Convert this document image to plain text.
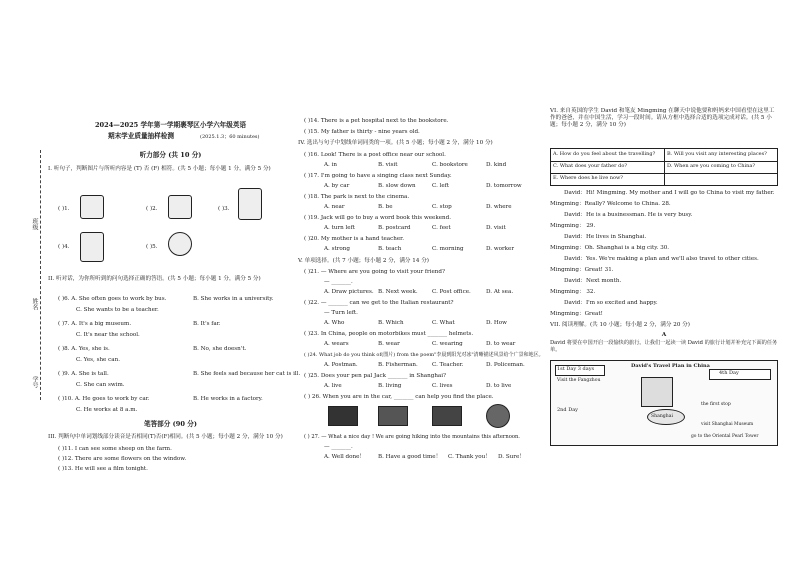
班级
姓名
学号
2024—2025 学年第一学期裹琴区小学六年级英语
期末学业质量抽样检测	(2025.1.3；60 minutes)
听力部分 (共 10 分)
I. 听句子，判断图片与所听内容是 (T) 否 (F) 相符。(共 5 小题；每小题 1 分，满分 5 分)
( )1.	( )2.	( )3.
( )4.	( )5.
II. 听对话，为你所听到的问句选择正确的答语。(共 5 小题；每小题 1 分，满分 5 分)
( )6. A. She often goes to work by bus.	B. She works in a university.
C. She wants to be a teacher.
( )7. A. It's a big museum.	B. It's far.
C. It's near the school.
( )8. A. Yes, she is.	B. No, she doesn't.
C. Yes, she can.
( )9. A. She is tall.	B. She feels sad because her cat is ill.
C. She can swim.
( )10. A. He goes to work by car.	B. He works in a factory.
C. He works at 8 a.m.
笔答部分 (90 分)
III. 判断句中单词划线部分读音是否相同(T)否(F)相同。(共 5 小题；每小题 2 分，满分 10 分)
( )11. I can see some sheep on the farm.
( )12. There are some flowers on the window.
( )13. He will see a film tonight.
( )14. There is a pet hospital next to the bookstore.
( )15. My father is thirty - nine years old.
IV. 选出与句子中划线单词同类的一项。(共 5 小题；每小题 2 分，满分 10 分)
( )16. Look! There is a post office near our school.
A. in	B. visit	C. bookstore	D. kind
( )17. I'm going to have a singing class next Sunday.
A. by car	B. slow down	C. left	D. tomorrow
( )18. The park is next to the cinema.
A. near	B. be	C. stop	D. where
( )19. Jack will go to buy a word book this weekend.
A. turn left	B. postcard	C. feet	D. visit
( )20. My mother is a hand teacher.
A. strong	B. teach	C. morning	D. worker
V. 单项选择。(共 7 小题；每小题 2 分，满分 14 分)
( )21. — Where are you going to visit your friend?
— _______.
A. Draw pictures. B. Next week.	C. Post office.	D. At sea.
( )22. — _______ can we get to the Italian restaurant?
— Turn left.
A. Who	B. Which	C. What	D. How
( )23. In China, people on motorbikes must _______ helmets.
A. wears	B. wear	C. wearing	D. to wear
( )24. What job do you think of(图片) from the poem"李晨到阳光对冰"清晰描述风景给个广景和地区。
A. Postman.	B. Fisherman.	C. Teacher.	D. Policeman.
( )25. Does your pen pal Jack _______ in Shanghai?
A. live	B. living	C. lives	D. to live
( ) 26. When you are in the car, _______ can help you find the place.
( ) 27. — What a nice day ! We are going hiking into the mountains this afternoon.
— _______.
A. Well done！ B. Have a good time！ C. Thank you！ D. Sure！
VI. 来自英国的学生 David 和笔友 Mingming 在聊天中说他要和妈妈来中国看望在这里工作的爸爸，并在中国生活，学习一段时间。请从方框中选择合适的选项完成对话。(共 5 小题；每小题 2 分，满分 10 分)
A. How do you feel about the travelling? B. Will you visit any interesting places?
C. What does your father do?	D. When are you coming to China?
E. Where does he live now?
David：Hi! Mingming. My mother and I will go to China to visit my father.
Mingming：Really? Welcome to China. 28.
David：He is a businessman. He is very busy.
Mingming： 29.
David：He lives in Shanghai.
Mingming：Oh. Shanghai is a big city. 30.
David：Yes. We're making a plan and we'll also travel to other cities.
Mingming：Great! 31.
David：Next month.
Mingming： 32.
David：I'm so excited and happy.
Mingming：Great!
VII. 阅读理解。(共 10 小题；每小题 2 分，满分 20 分)
A
David 将要在中国开启一段愉快的旅行。让我们一起读一读 David 的旅行计划并补充完下面的任务单。
David's Travel Plan in China
1st Day 3 days
Visit the Fangzhou
4th Day
2nd Day
the first stop
Shanghai
go to the Oriental Pearl Tower
visit Shanghai Museum
